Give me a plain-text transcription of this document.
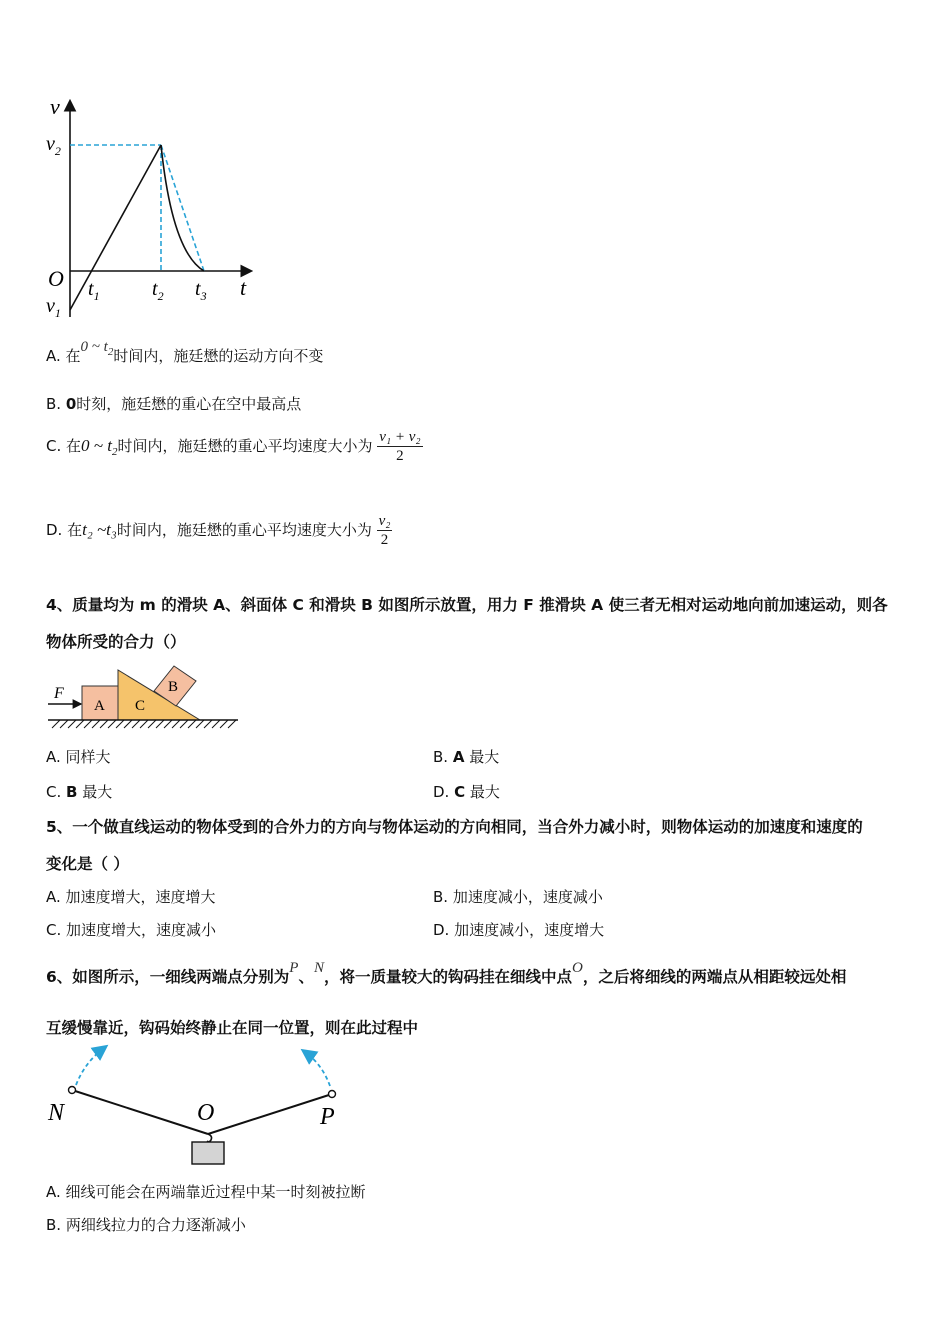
v
$v_2$
O
$v_1$
$t_1$	$t_2$ $t_3$ t
A. 在0 ~ $t_2$时间内，施廷懋的运动方向不变
B. 0时刻，施廷懋的重心在空中最高点
C. 在0 ~ $t_2$时间内，施廷懋的重心平均速度大小为 $\frac{\text{v₁ + v₂}}{2}$
D. 在t₂ ~t₃时间内，施廷懋的重心平均速度大小为 $\frac{\text{v₂}}{2}$
4、质量均为 m 的滑块 A、斜面体 C 和滑块 B 如图所示放置，用力 F 推滑块 A 使三者无相对运动地向前加速运动，则各
物体所受的合力（）
F
A C
B
A. 同样大	B. A 最大
C. B 最大	D. C 最大
5、一个做直线运动的物体受到的合外力的方向与物体运动的方向相同，当合外力减小时，则物体运动的加速度和速度的
变化是（ ）
A. 加速度增大，速度增大	B. 加速度减小，速度减小
C. 加速度增大，速度减小	D. 加速度减小，速度增大
6、如图所示，一细线两端点分别为P、N，将一质量较大的钩码挂在细线中点O，之后将细线的两端点从相距较远处相
互缓慢靠近，钩码始终静止在同一位置，则在此过程中
N	O	P
A. 细线可能会在两端靠近过程中某一时刻被拉断
B. 两细线拉力的合力逐渐减小
